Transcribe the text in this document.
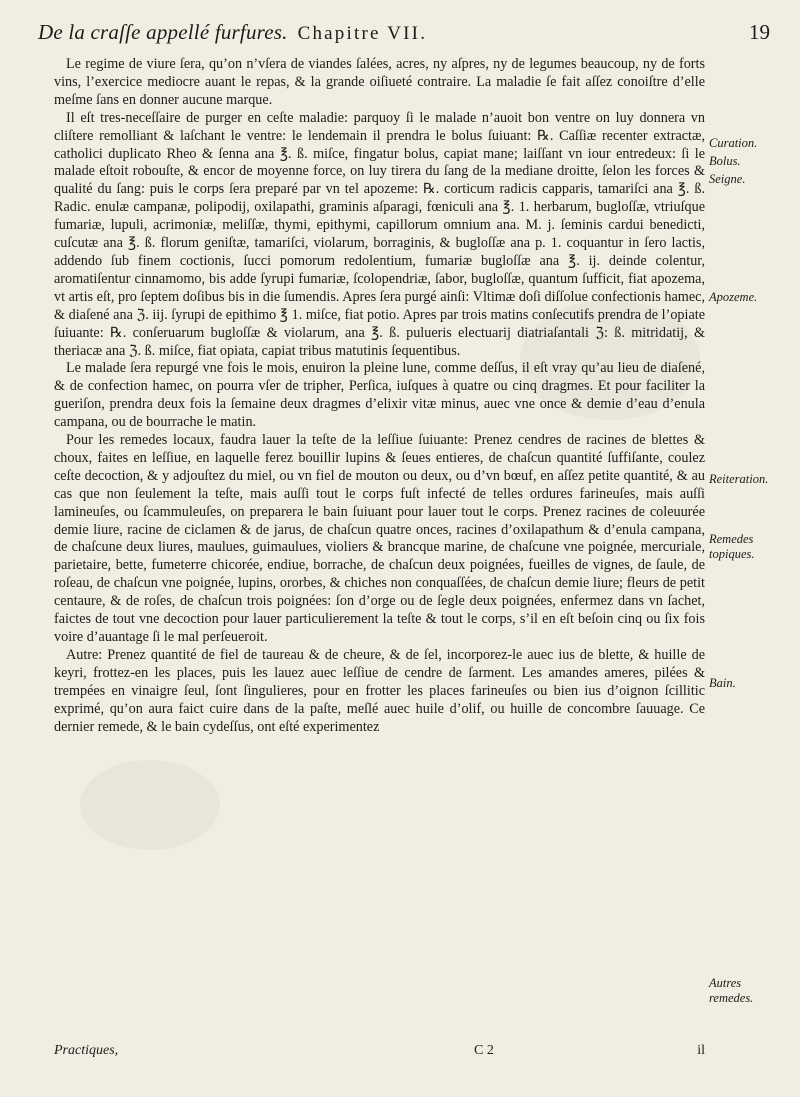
De la craſſe appellé furfures. Chapitre VII.	19

Le regime de viure ſera, qu’on n’vſera de viandes ſalées, acres, ny aſpres, ny de legumes beaucoup, ny de forts vins, l’exercice mediocre auant le repas, & la grande oiſiueté contraire. La maladie ſe fait aſſez conoiſtre d’elle meſme ſans en donner aucune marque.

Il eſt tres-neceſſaire de purger en ceſte maladie: parquoy ſi le malade n’auoit bon ventre on luy donnera vn cliſtere remolliant & laſchant le ventre: le lendemain il prendra le bolus ſuiuant: ℞. Caſſiæ recenter extractæ, catholici duplicato Rheo & ſenna ana ℥. ß. miſce, fingatur bolus, capiat mane; laiſſant vn iour entredeux: ſi le malade eſtoit robouſte, & encor de moyenne force, on luy tirera du ſang de la mediane droitte, ſelon les forces & qualité du ſang: puis le corps ſera preparé par vn tel apozeme: ℞. corticum radicis capparis, tamariſci ana ℥. ß. Radic. enulæ campanæ, polipodij, oxilapathi, graminis aſparagi, fœniculi ana ℥. 1. herbarum, bugloſſæ, vtriuſque fumariæ, lupuli, acrimoniæ, meliſſæ, thymi, epithymi, capillorum omnium ana. M. j. ſeminis cardui benedicti, cuſcutæ ana ℥. ß. florum geniſtæ, tamariſci, violarum, borraginis, & bugloſſæ ana p. 1. coquantur in ſero lactis, addendo ſub finem coctionis, ſucci pomorum redolentium, fumariæ bugloſſæ ana ℥. ij. deinde colentur, aromatiſentur cinnamomo, bis adde ſyrupi fumariæ, ſcolopendriæ, ſabor, bugloſſæ, quantum ſufficit, fiat apozema, vt artis eſt, pro ſeptem doſibus bis in die ſumendis. Apres ſera purgé ainſi: Vltimæ doſi diſſolue confectionis hamec, & diaſené ana ℨ. iij. ſyrupi de epithimo ℥ 1. miſce, fiat potio. Apres par trois matins conſecutifs prendra de l’opiate ſuiuante: ℞. conſeruarum bugloſſæ & violarum, ana ℥. ß. pulueris electuarij diatriaſantali ℨ: ß. mitridatij, & theriacæ ana ℨ. ß. miſce, fiat opiata, capiat tribus matutinis ſequentibus.

Le malade ſera repurgé vne fois le mois, enuiron la pleine lune, comme deſſus, il eſt vray qu’au lieu de diaſené, & de confection hamec, on pourra vſer de tripher, Perſica, iuſques à quatre ou cinq dragmes. Et pour faciliter la gueriſon, prendra deux fois la ſemaine deux dragmes d’elixir vitæ minus, auec vne once & demie d’eau d’enula campana, ou de bourrache le matin.

Pour les remedes locaux, faudra lauer la teſte de la leſſiue ſuiuante: Prenez cendres de racines de blettes & choux, faites en leſſiue, en laquelle ferez bouillir lupins & ſeues entieres, de chaſcun quantité ſuffiſante, coulez ceſte decoction, & y adjouſtez du miel, ou vn fiel de mouton ou deux, ou d’vn bœuf, en aſſez petite quantité, & au cas que non ſeulement la teſte, mais auſſi tout le corps fuſt infecté de telles ordures farineuſes, mais auſſi lamineuſes, ou ſcammuleuſes, on preparera le bain ſuiuant pour lauer tout le corps. Prenez racines de coleuurée demie liure, racine de ciclamen & de jarus, de chaſcun quatre onces, racines d’oxilapathum & d’enula campana, de chaſcune deux liures, maulues, guimaulues, violiers & brancque marine, de chaſcune vne poignée, mercuriale, parietaire, bette, fumeterre chicorée, endiue, borrache, de chaſcun deux poignées, fueilles de vignes, de ſaule, de roſeau, de chaſcun vne poignée, lupins, ororbes, & chiches non conquaſſées, de chaſcun demie liure; fleurs de petit centaure, & de roſes, de chaſcun trois poignées: ſon d’orge ou de ſegle deux poignées, enfermez dans vn ſachet, faictes de tout vne decoction pour lauer particulierement la teſte & tout le corps, s’il en eſt beſoin cinq ou ſix fois voire d’auantage ſi le mal perſeueroit.

Autre: Prenez quantité de fiel de taureau & de cheure, & de ſel, incorporez-le auec ius de blette, & huille de keyri, frottez-en les places, puis les lauez auec leſſiue de cendre de ſarment. Les amandes ameres, pilées & trempées en vinaigre ſeul, ſont ſingulieres, pour en frotter les places farineuſes ou bien ius d’oignon ſcillitic exprimé, qu’on aura faict cuire dans de la paſte, meſlé auec huile d’olif, ou huille de concombre ſauuage. Ce dernier remede, & le bain cydeſſus, ont eſté experimentez

Curation.
Bolus.
Seigne.
Apozeme.
Reiteration.
Remedes topiques.
Bain.
Autres remedes.
Practiques,	C 2	il
